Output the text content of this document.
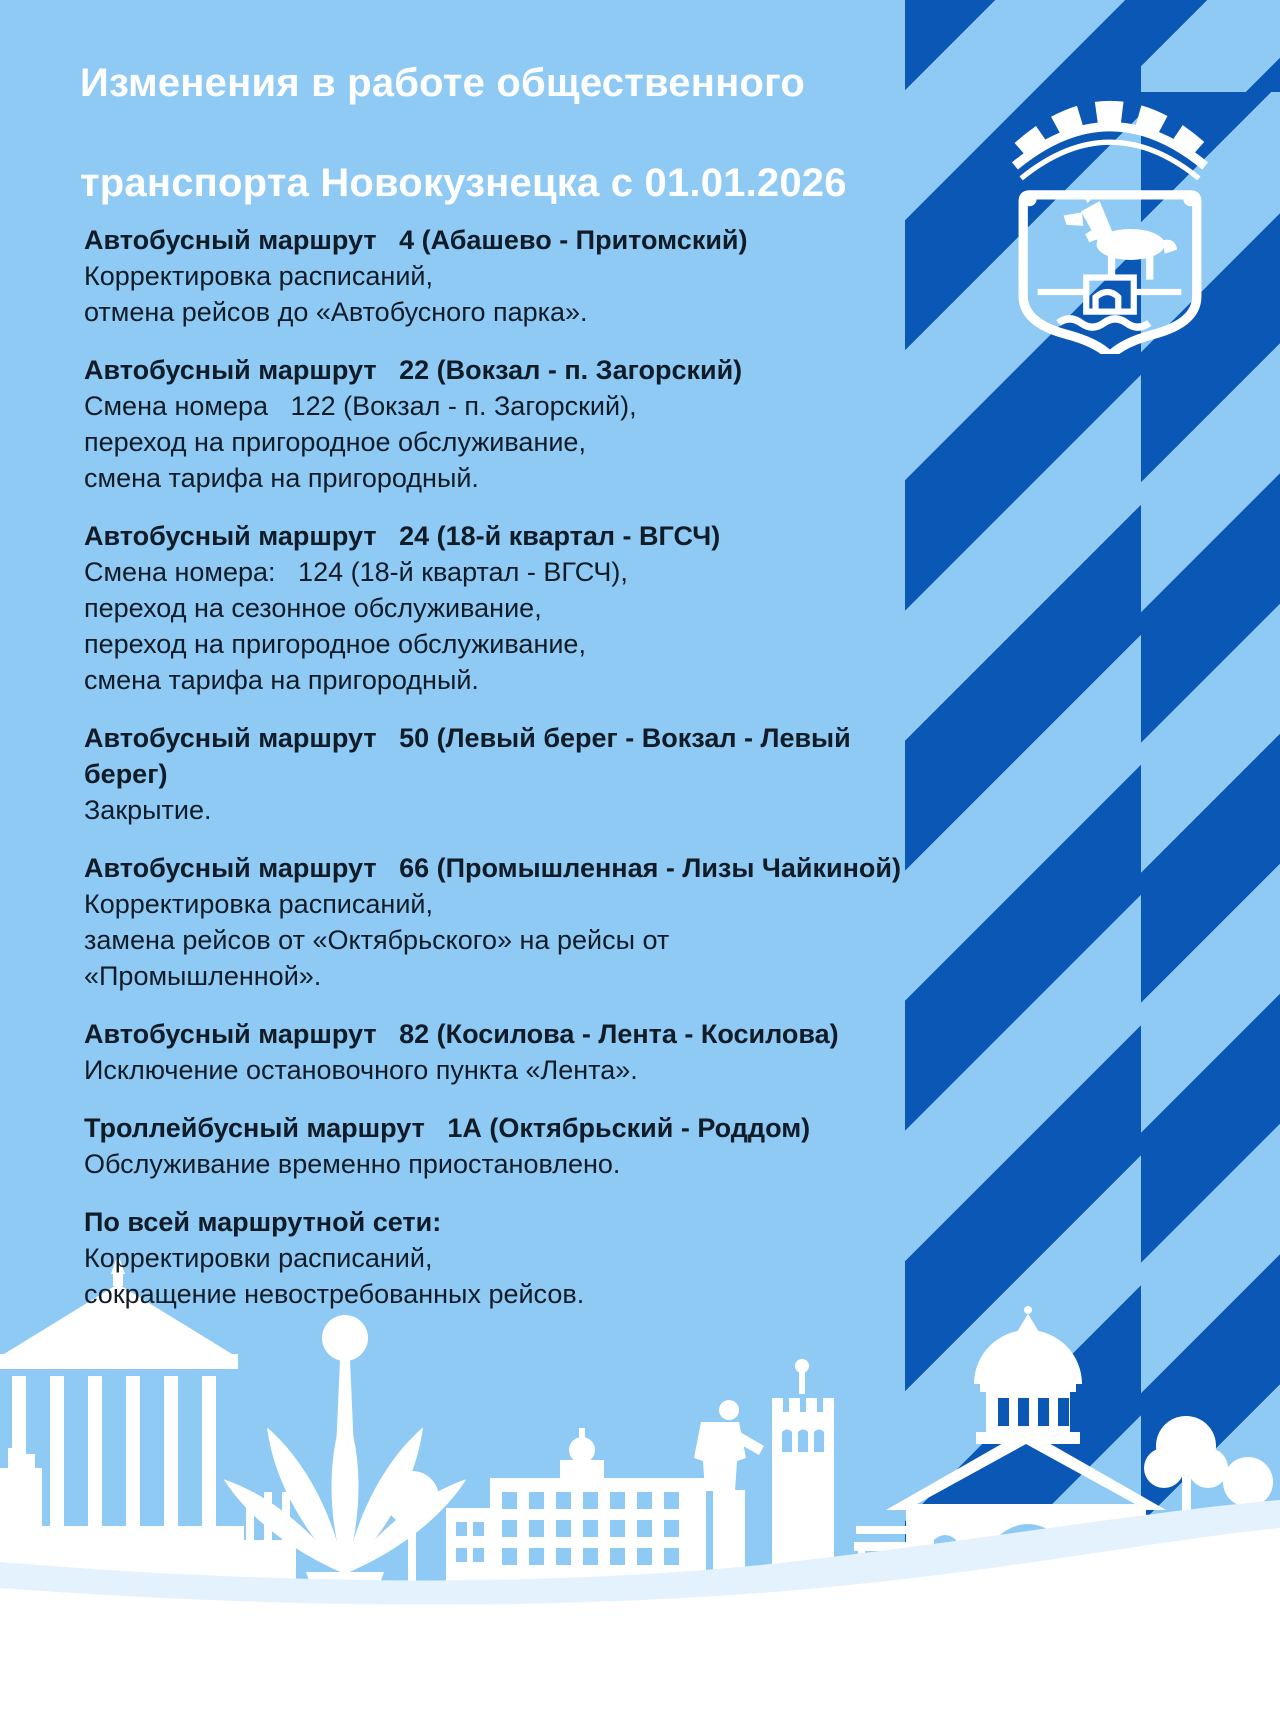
Изменения в работе общественного

транспорта Новокузнецка с 01.01.2026
Автобусный маршрут   4 (Абашево - Притомский)
Корректировка расписаний,
отмена рейсов до «Автобусного парка».
Автобусный маршрут   22 (Вокзал - п. Загорский)
Смена номера   122 (Вокзал - п. Загорский),
переход на пригородное обслуживание,
смена тарифа на пригородный.
Автобусный маршрут   24 (18-й квартал - ВГСЧ)
Смена номера:   124 (18-й квартал - ВГСЧ),
переход на сезонное обслуживание,
переход на пригородное обслуживание,
смена тарифа на пригородный.
Автобусный маршрут   50 (Левый берег - Вокзал - Левый берег)
Закрытие.
Автобусный маршрут   66 (Промышленная - Лизы Чайкиной)
Корректировка расписаний,
замена рейсов от «Октябрьского» на рейсы от «Промышленной».
Автобусный маршрут   82 (Косилова - Лента - Косилова)
Исключение остановочного пункта «Лента».
Троллейбусный маршрут   1А (Октябрьский - Роддом)
Обслуживание временно приостановлено.
По всей маршрутной сети:
Корректировки расписаний,
сокращение невостребованных рейсов.
